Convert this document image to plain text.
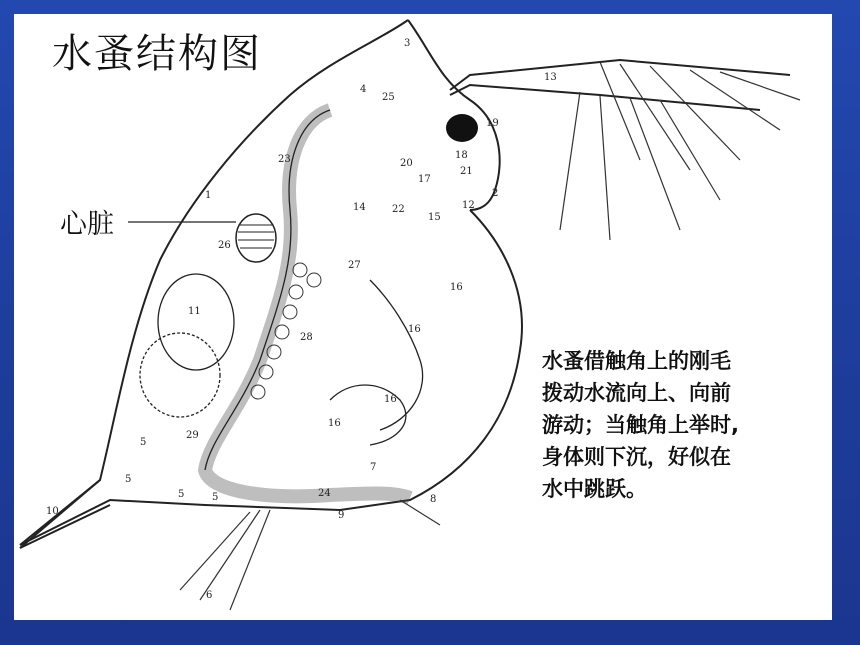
1	2
3
4
5
5
5	5
6
7
8
9
10
11
12
13
14
15
16
16
16
16
17
18
19
20
21
22
23
24
25
26
27
28
29
水蚤结构图
心脏
水蚤借触角上的刚毛
拨动水流向上、向前
游动；当触角上举时,
身体则下沉，好似在
水中跳跃。
